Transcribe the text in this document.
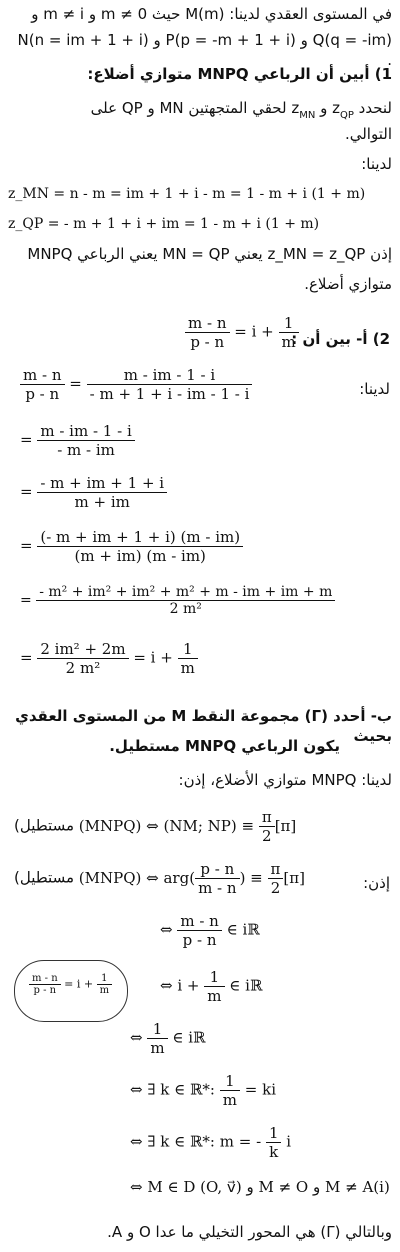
في المستوى العقدي لدينا: M(m) حيث 0 ≠ m و m ≠ i و
Q(q = -im) و P(p = -m + 1 + i) و N(n = im + 1 + i) .
1) أبين أن الرباعي MNPQ متوازي أضلاع:
لنحدد $z_{QP}$ و $z_{MN}$ لحقي المتجهتين MN و QP على
التوالي.
لدينا:
z_MN = n - m = im + 1 + i - m = 1 - m + i (1 + m)
z_QP = - m + 1 + i + im = 1 - m + i (1 + m)
إذن z_MN = z_QP يعني MN = QP يعني الرباعي MNPQ
متوازي أضلاع.
2) أ- بين أن :
$\frac{m - n}{p - n} = i + \frac{1}{m}$
لدينا:
$\frac{m - n}{p - n} = \frac{m - im - 1 - i}{- m + 1 + i - im - 1 - i}$
= $\frac{m - im - 1 - i}{- m - im}$
= $\frac{- m + im + 1 + i}{m + im}$
= $\frac{(- m + im + 1 + i) (m - im)}{(m + im) (m - im)}$
= $\frac{\text{- m² + im² + im² + m² + m - im + im + m}}{\text{2 m²}}$
= $\frac{\text{2 im² + 2m}}{\text{2 m²}} = i + \frac{1}{m}$
ب- أحدد (Γ) مجموعة النقط M من المستوى العقدي بحيث
يكون الرباعي MNPQ مستطيل.
لدينا: MNPQ متوازي الأضلاع، إذن:
(مستطيل (MNPQ) ⇔ (NM; $NP) \equiv \frac{\pi}{2} [\pi]$
إذن:
(مستطيل (MNPQ) ⇔ $arg( \frac{p - n}{m - n}$ ) ≡ $\frac{\pi}{2} [\pi]$
⇔ $\frac{m - n}{p - n}$ ∈ iℝ
$\frac{m - n}{p - n} = i + \frac{1}{m}$	⇔ $i + \frac{1}{m}$ ∈ iℝ
⇔ $\frac{1}{m}$ ∈ iℝ
⇔ ∃ k ∈ ℝ*: $\frac{1}{m}$ = ki
⇔ ∃ k ∈ ℝ*: m = - $\frac{1}{k}$ i
⇔ M ∈ D (O, v⃗) و M ≠ O و M ≠ A(i)
وبالتالي (Γ) هي المحور التخيلي ما عدا O و A.
